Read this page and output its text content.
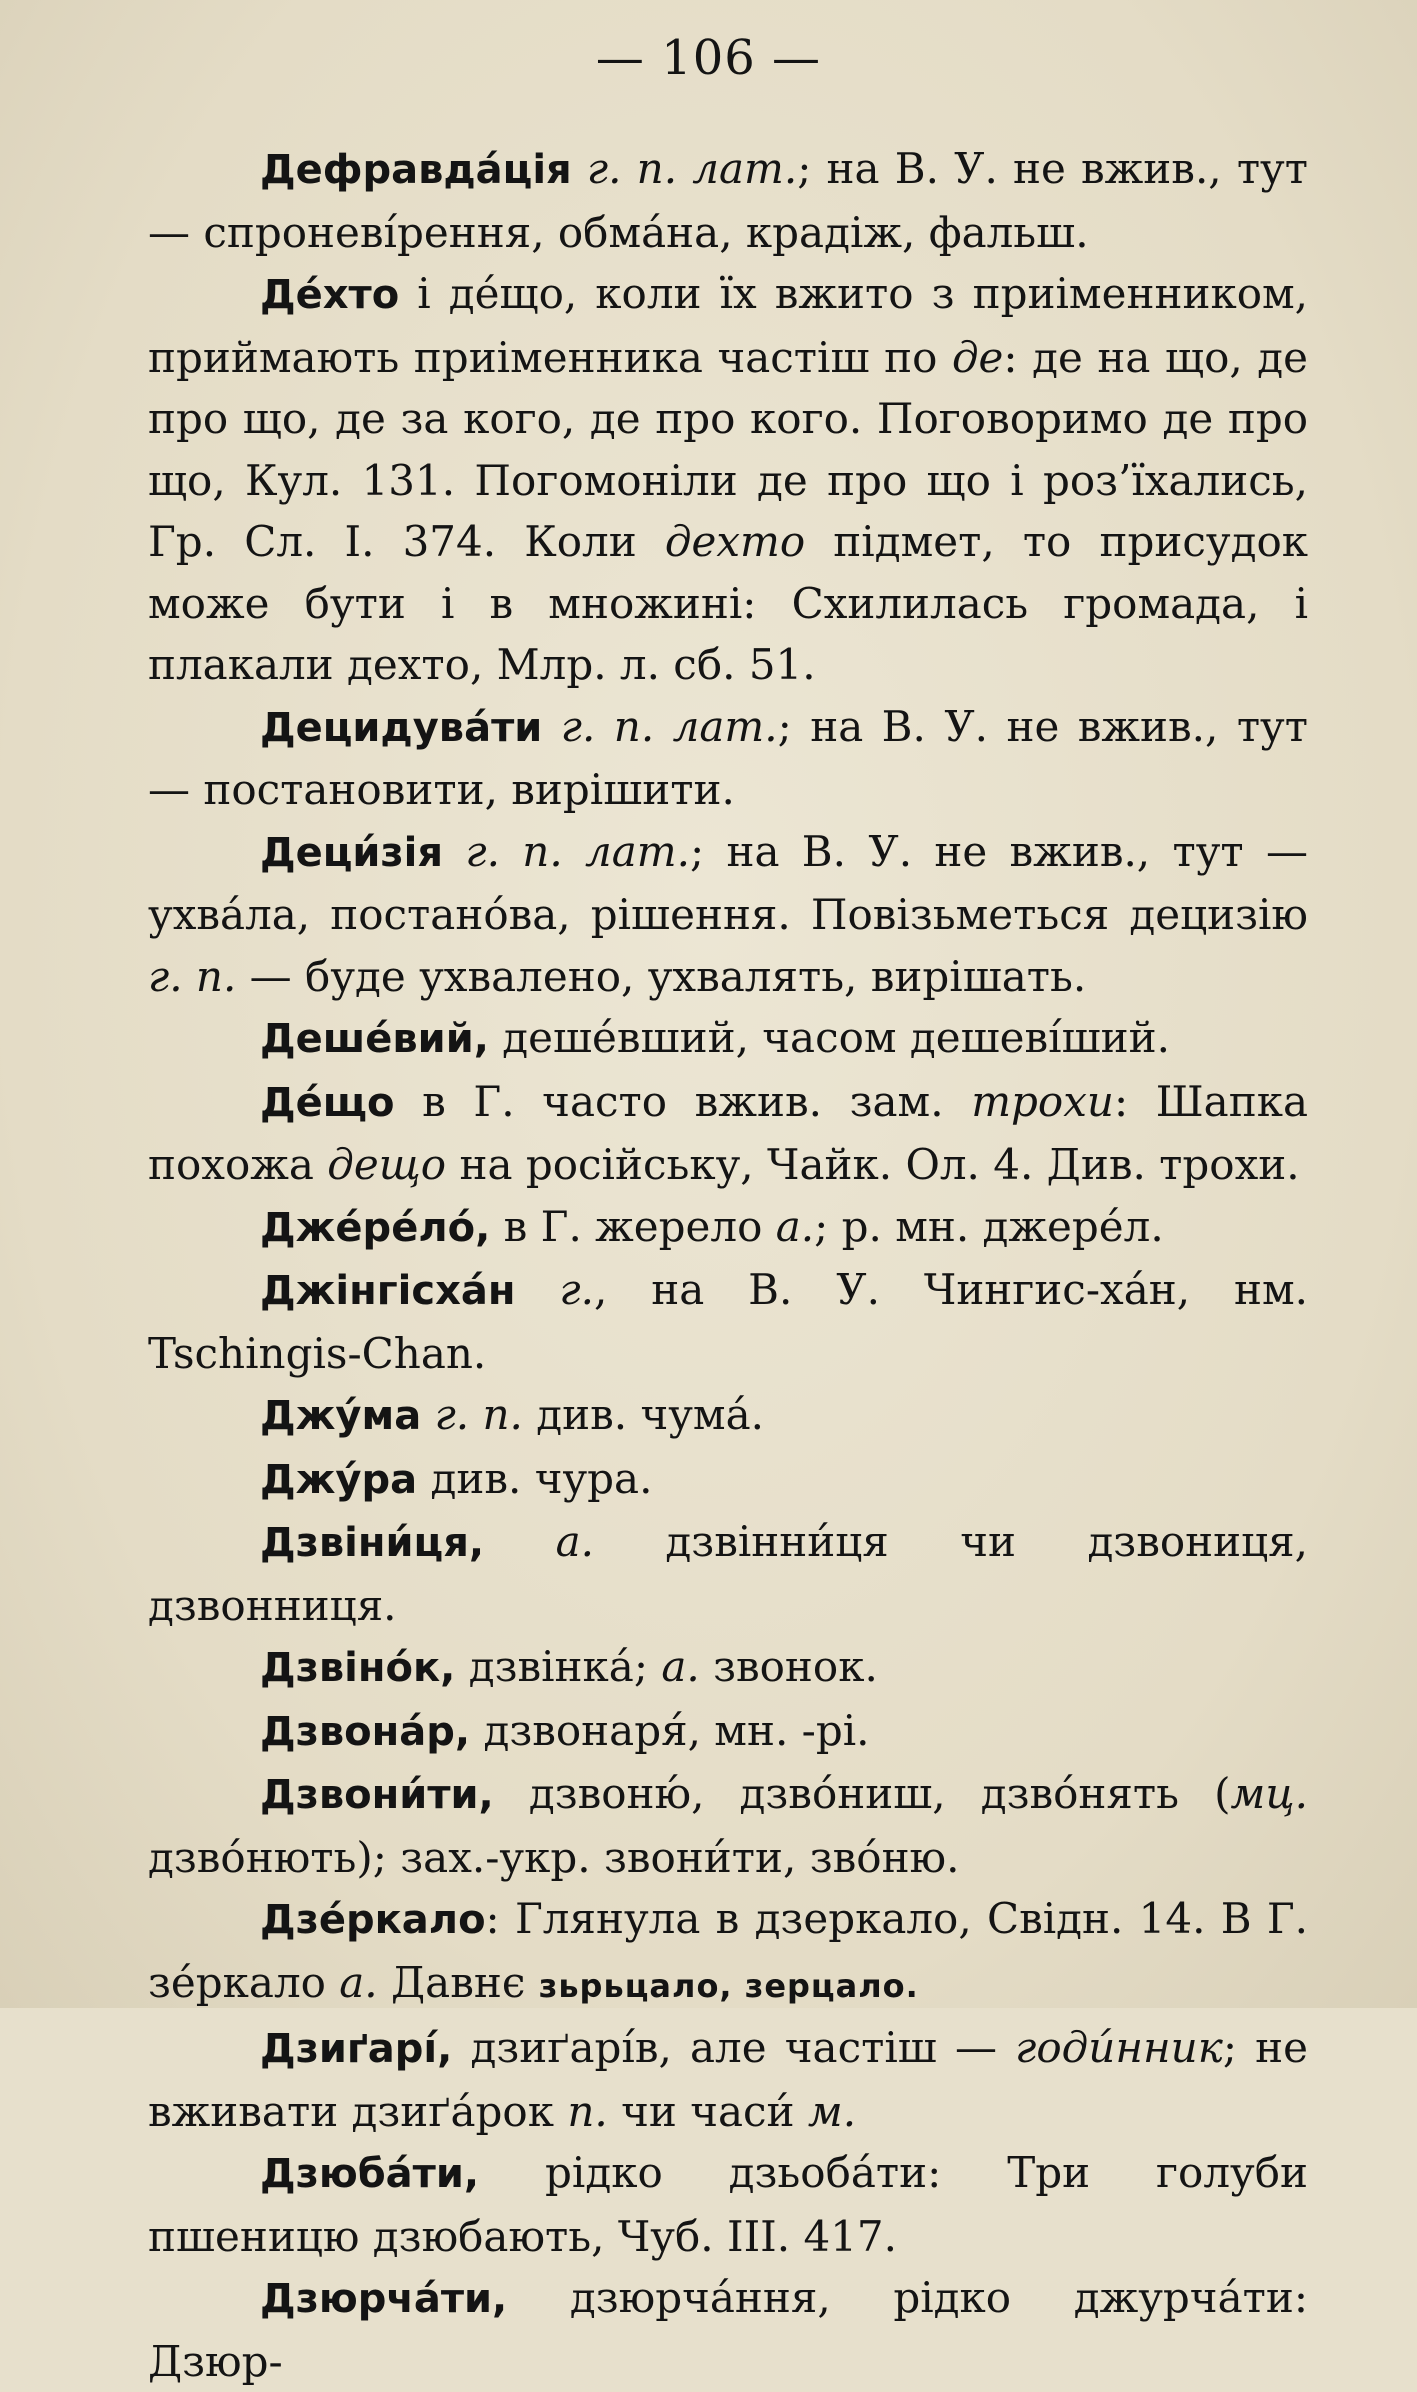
— 106 —

Дефравда́ція г. п. лат.; на В. У. не вжив., тут — спроневі́рення, обма́на, крадіж, фальш.

Де́хто і де́що, коли їх вжито з приіменником, приймають приіменника частіш по де: де на що, де про що, де за кого, де про кого. Поговоримо де про що, Кул. 131. Погомоніли де про що і роз’їхались, Гр. Сл. І. 374. Коли дехто підмет, то присудок може бути і в множині: Схилилась громада, і плакали дехто, Млр. л. сб. 51.

Децидува́ти г. п. лат.; на В. У. не вжив., тут — постановити, вирішити.

Деци́зія г. п. лат.; на В. У. не вжив., тут — ухва́ла, постано́ва, рішення. Повізьметься децизію г. п. — буде ухвалено, ухвалять, вирішать.

Деше́вий, деше́вший, часом дешеві́ший.

Де́що в Г. часто вжив. зам. трохи: Шапка похожа дещо на російську, Чайк. Ол. 4. Див. трохи.

Дже́ре́ло́, в Г. жерело а.; р. мн. джере́л.

Джінгісха́н г., на В. У. Чингис-ха́н, нм. Tschingis-Chan.

Джу́ма г. п. див. чума́.

Джу́ра див. чура.

Дзвіни́ця, а. дзвінни́ця чи дзвониця, дзвонниця.

Дзвіно́к, дзвінка́; а. звонок.

Дзвона́р, дзвонаря́, мн. -рі.

Дзвони́ти, дзвоню́, дзво́ниш, дзво́нять (мц. дзво́нють); зах.-укр. звони́ти, зво́ню.

Дзе́ркало: Глянула в дзеркало, Свідн. 14. В Г. зе́ркало а. Давнє зьрьцало, зерцало.

Дзиґарі́, дзиґарі́в, але частіш — годи́нник; не вживати дзиґа́рок п. чи часи́ м.

Дзюба́ти, рідко дзьоба́ти: Три голуби пшеницю дзюбають, Чуб. III. 417.

Дзюрча́ти, дзюрча́ння, рідко джурча́ти: Дзюр-
